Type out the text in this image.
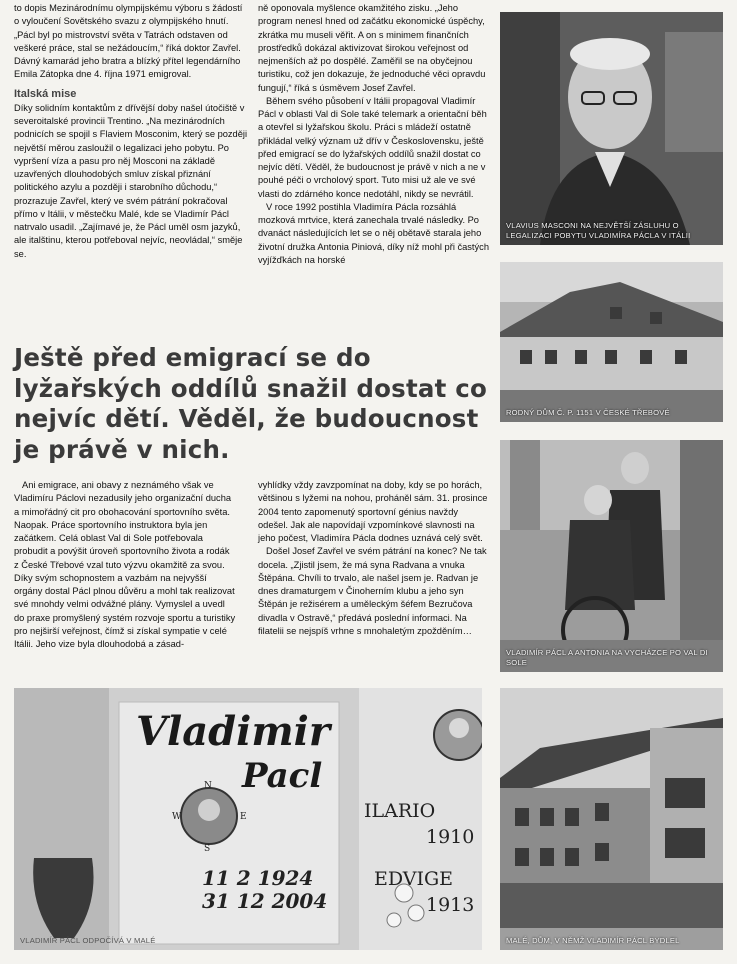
to dopis Mezinárodnímu olympijskému výboru s žádostí o vyloučení Sovětského svazu z olympijského hnutí. „Pácl byl po mistrovství světa v Tatrách odstaven od veškeré práce, stal se nežádoucím,“ říká doktor Zavřel. Dávný kamarád jeho bratra a blízký přítel legendárního Emila Zátopka dne 4. října 1971 emigroval.

Italská mise

Díky solidním kontaktům z dřívější doby našel útočiště v severoitalské provincii Trentino. „Na mezinárodních podnicích se spojil s Flaviem Mosconim, který se později největší měrou zasloužil o legalizaci jeho pobytu. Po vypršení víza a pasu pro něj Mosconi na základě uzavřených dlouhodobých smluv získal přiznání politického azylu a později i starobního důchodu,“ prozrazuje Zavřel, který ve svém pátrání pokračoval přímo v Itálii, v městečku Malé, kde se Vladimír Pácl natrvalo usadil. „Zajímavé je, že Pácl uměl osm jazyků, ale italštinu, kterou potřeboval nejvíc, neovládal,“ směje se.

ně oponovala myšlence okamžitého zisku. „Jeho program nenesl hned od začátku ekonomické úspěchy, zkrátka mu museli věřit. A on s minimem finančních prostředků dokázal aktivizovat širokou veřejnost od nejmenších až po dospělé. Zaměřil se na obyčejnou turistiku, což jen dokazuje, že jednoduché věci opravdu fungují,“ říká s úsměvem Josef Zavřel.

Během svého působení v Itálii propagoval Vladimír Pácl v oblasti Val di Sole také telemark a orientační běh a otevřel si lyžařskou školu. Práci s mládeží ostatně přikládal velký význam už dřív v Československu, ještě před emigrací se do lyžařských oddílů snažil dostat co nejvíc dětí. Věděl, že budoucnost je právě v nich a ne v pouhé péči o vrcholový sport. Tuto misi už ale ve své vlasti do zdárného konce nedotáhl, nikdy se nevrátil.

V roce 1992 postihla Vladimíra Pácla rozsáhlá mozková mrtvice, která zanechala trvalé následky. Po dvanáct následujících let se o něj obětavě starala jeho životní družka Antonia Piniová, díky níž mohl při častých vyjížďkách na horské

Ještě před emigrací se do lyžařských oddílů snažil dostat co nejvíc dětí. Věděl, že budoucnost je právě v nich.

Ani emigrace, ani obavy z neznámého však ve Vladimíru Páclovi nezadusily jeho organizační ducha a mimořádný cit pro obohacování sportovního světa. Naopak. Práce sportovního instruktora byla jen začátkem. Celá oblast Val di Sole potřebovala probudit a povýšit úroveň sportovního života a rodák z České Třebové vzal tuto výzvu okamžitě za svou. Díky svým schopnostem a vazbám na nejvyšší orgány dostal Pácl plnou důvěru a mohl tak realizovat své mnohdy velmi odvážné plány. Vymyslel a uvedl do praxe promyšlený systém rozvoje sportu a turistiky pro nejširší veřejnost, čímž si získal sympatie v celé Itálii. Jeho vize byla dlouhodobá a zásad-

vyhlídky vždy zavzpomínat na doby, kdy se po horách, většinou s lyžemi na nohou, proháněl sám. 31. prosince 2004 tento zapomenutý sportovní génius navždy odešel. Jak ale napovídají vzpomínkové slavnosti na jeho počest, Vladimíra Pácla dodnes uznává celý svět.

Došel Josef Zavřel ve svém pátrání na konec? Ne tak docela. „Zjistil jsem, že má syna Radvana a vnuka Štěpána. Chvíli to trvalo, ale našel jsem je. Radvan je dnes dramaturgem v Činoherním klubu a jeho syn Štěpán je režisérem a uměleckým šéfem Bezručova divadla v Ostravě,“ předává poslední informaci. Na filatelii se nejspíš vrhne s mnohaletým zpožděním…

VLAVIUS MASCONI NA NEJVĚTŠÍ ZÁSLUHU O LEGALIZACI POBYTU VLADIMÍRA PÁCLA V ITÁLII
RODNÝ DŮM Č. P. 1151 V ČESKÉ TŘEBOVÉ
VLADIMÍR PÁCL A ANTONIA NA VYCHÁZCE PO VAL DI SOLE
Vladimir
Pacl
N
E
W
S
11 2 1924
31 12 2004
ILARIO
1910
EDVIGE
1913
VLADIMÍR PÁCL ODPOČÍVÁ V MALÉ	MALÉ, DŮM, V NĚMŽ VLADIMÍR PÁCL BYDLEL
